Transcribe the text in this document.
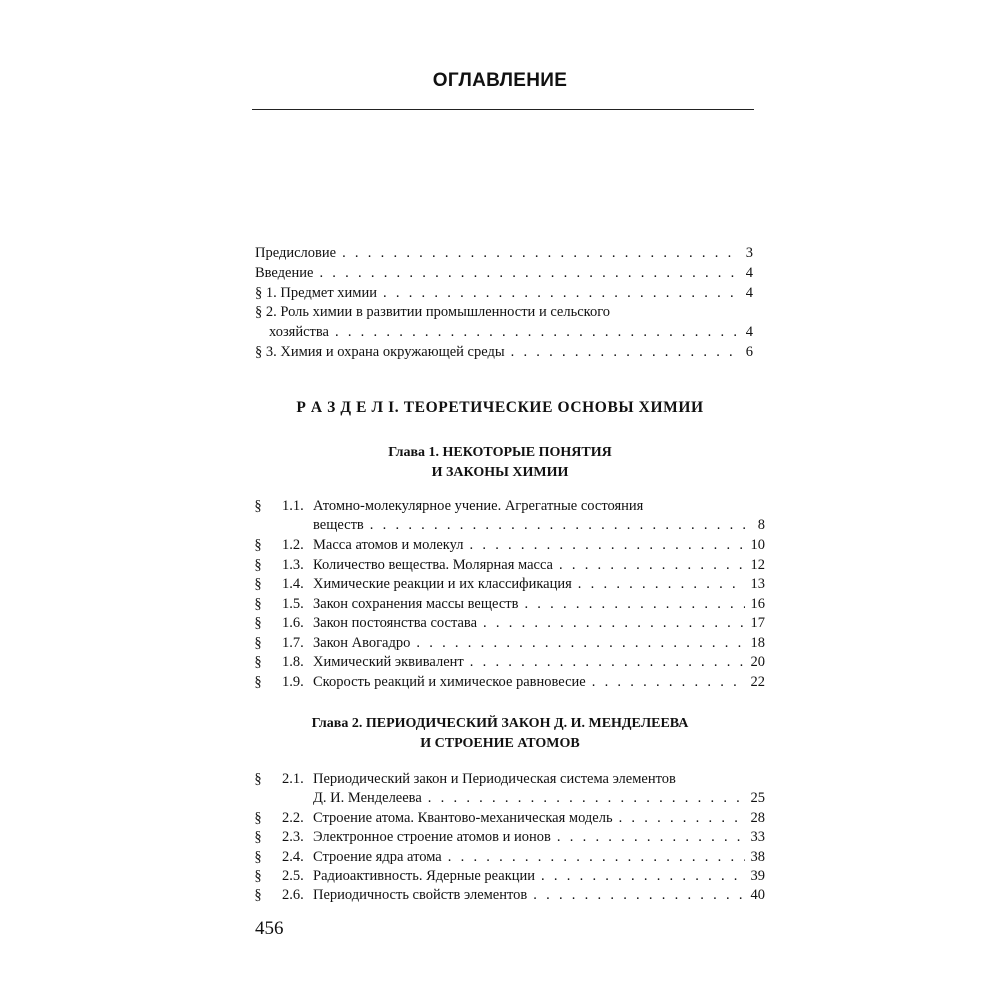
ОГЛАВЛЕНИЕ
Предисловие . . .	3
Введение . . .	4
§ 1. Предмет химии . . .	4
§ 2. Роль химии в развитии промышленности и сельского
хозяйства . . .	4
§ 3. Химия и охрана окружающей среды . . .	6
Р А З Д Е Л I. ТЕОРЕТИЧЕСКИЕ ОСНОВЫ ХИМИИ
Глава 1. НЕКОТОРЫЕ ПОНЯТИЯ
И ЗАКОНЫ ХИМИИ
§ 1.1. Атомно-молекулярное учение. Агрегатные состояния
веществ . . .	8
§ 1.2. Масса атомов и молекул . . .	10
§ 1.3. Количество вещества. Молярная масса . . .	12
§ 1.4. Химические реакции и их классификация . . .	13
§ 1.5. Закон сохранения массы веществ . . .	16
§ 1.6. Закон постоянства состава . . .	17
§ 1.7. Закон Авогадро . . .	18
§ 1.8. Химический эквивалент . . .	20
§ 1.9. Скорость реакций и химическое равновесие . . .	22
Глава 2. ПЕРИОДИЧЕСКИЙ ЗАКОН Д. И. МЕНДЕЛЕЕВА
И СТРОЕНИЕ АТОМОВ
§ 2.1. Периодический закон и Периодическая система элементов
Д. И. Менделеева . . .	25
§ 2.2. Строение атома. Квантово-механическая модель . . .	28
§ 2.3. Электронное строение атомов и ионов . . .	33
§ 2.4. Строение ядра атома . . .	38
§ 2.5. Радиоактивность. Ядерные реакции . . .	39
§ 2.6. Периодичность свойств элементов . . .	40
456
